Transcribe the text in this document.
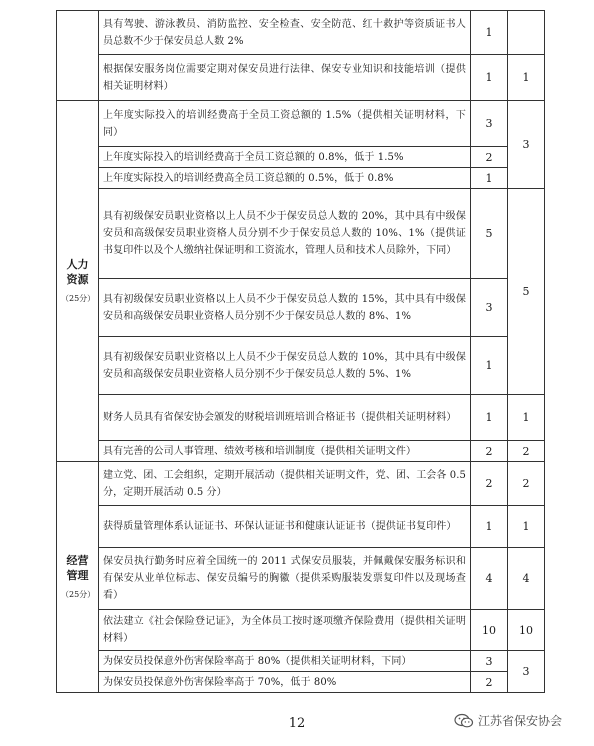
	具有驾驶、游泳教员、消防监控、安全检查、安全防范、红十救护等资质证书人员总数不少于保安员总人数 2%	1	
	根据保安服务岗位需要定期对保安员进行法律、保安专业知识和技能培训（提供相关证明材料）	1	1
人力
资源
（25分）	上年度实际投入的培训经费高于全员工资总额的 1.5%（提供相关证明材料，下同）	3	3
	上年度实际投入的培训经费高于全员工资总额的 0.8%，低于 1.5%	2	
	上年度实际投入的培训经费高全员工资总额的 0.5%，低于 0.8%	1	
	具有初级保安员职业资格以上人员不少于保安员总人数的 20%，其中具有中级保安员和高级保安员职业资格人员分别不少于保安员总人数的 10%、1%（提供证书复印件以及个人缴纳社保证明和工资流水，管理人员和技术人员除外，下同）	5	5
	具有初级保安员职业资格以上人员不少于保安员总人数的 15%，其中具有中级保安员和高级保安员职业资格人员分别不少于保安员总人数的 8%、1%	3	
	具有初级保安员职业资格以上人员不少于保安员总人数的 10%，其中具有中级保安员和高级保安员职业资格人员分别不少于保安员总人数的 5%、1%	1	
	财务人员具有省保安协会颁发的财税培训班培训合格证书（提供相关证明材料）	1	1
	具有完善的公司人事管理、绩效考核和培训制度（提供相关证明文件）	2	2
经营
管理
（25分）	建立党、团、工会组织，定期开展活动（提供相关证明文件，党、团、工会各 0.5 分，定期开展活动 0.5 分）	2	2
	获得质量管理体系认证证书、环保认证证书和健康认证证书（提供证书复印件）	1	1
	保安员执行勤务时应着全国统一的 2011 式保安员服装，并佩戴保安服务标识和有保安从业单位标志、保安员编号的胸徽（提供采购服装发票复印件以及现场查看）	4	4
	依法建立《社会保险登记证》，为全体员工按时逐项缴齐保险费用（提供相关证明材料）	10	10
	为保安员投保意外伤害保险率高于 80%（提供相关证明材料，下同）	3	3
	为保安员投保意外伤害保险率高于 70%，低于 80%	2	
12	江苏省保安协会
